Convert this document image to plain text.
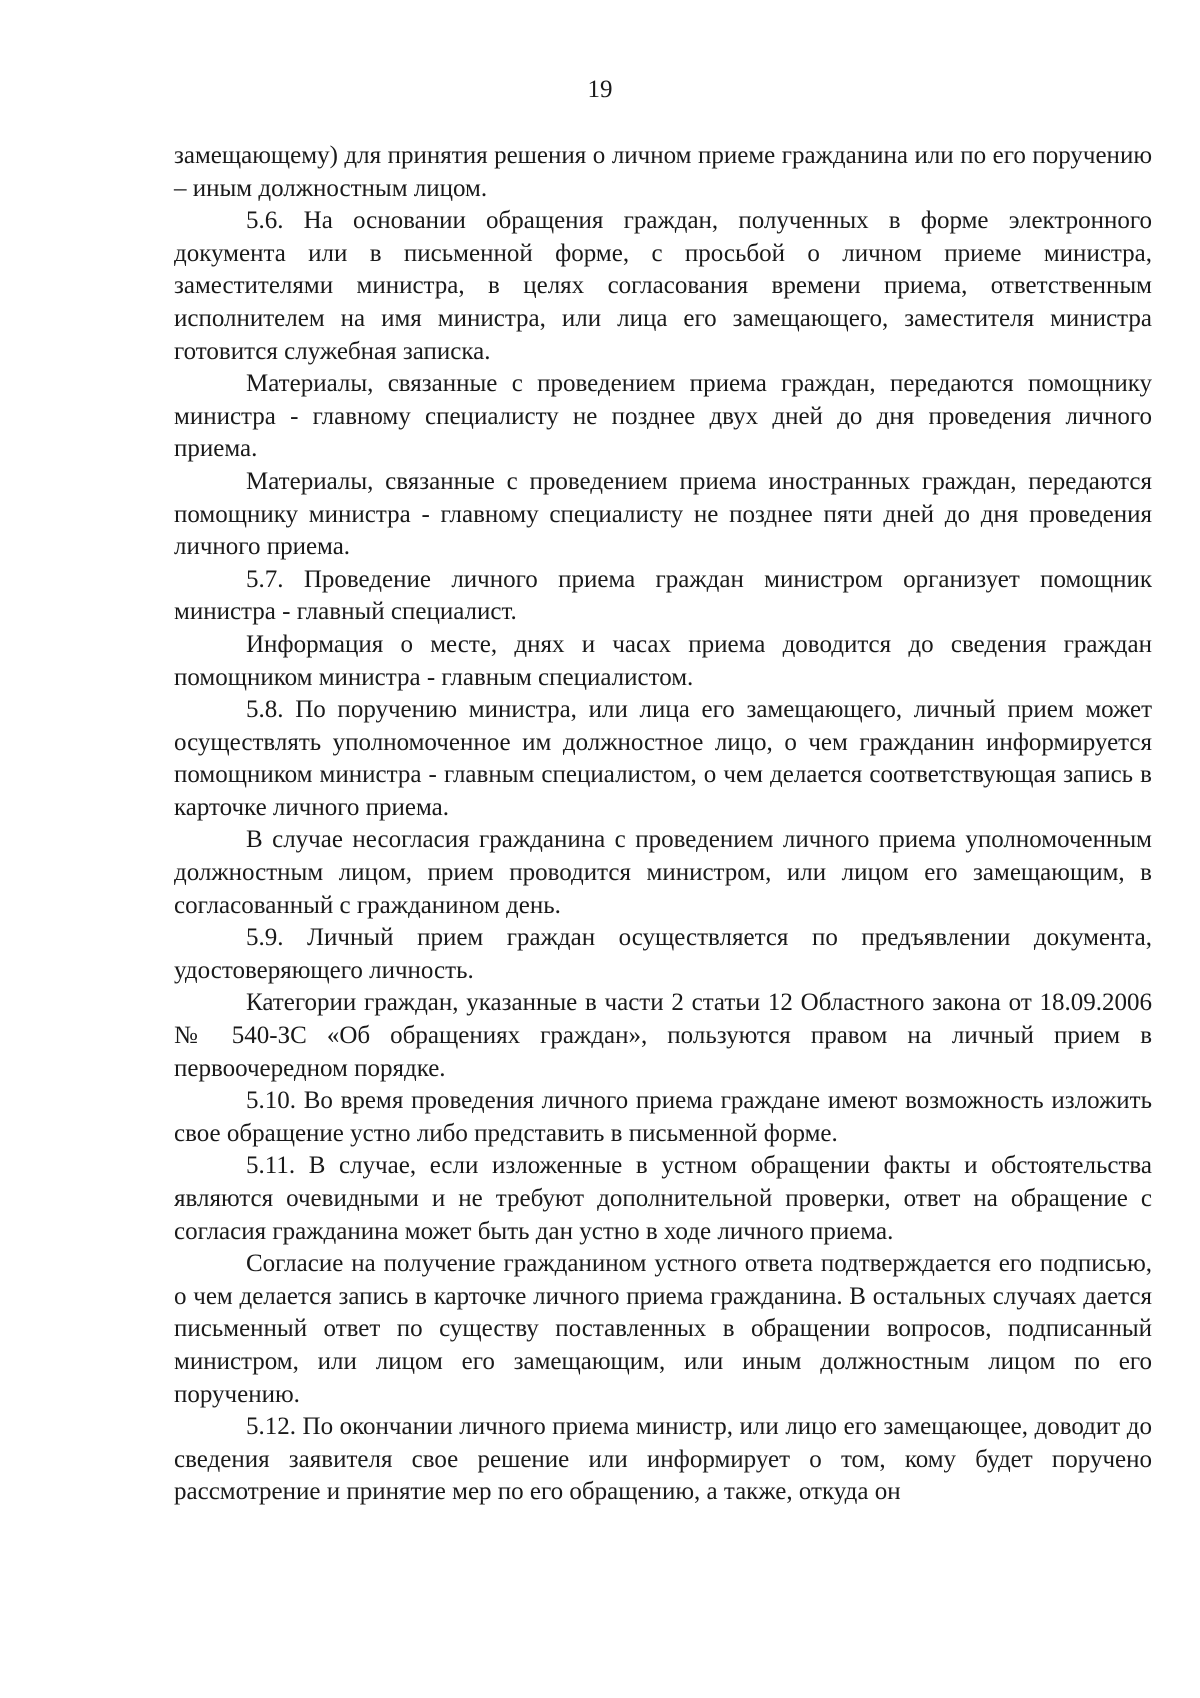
19

замещающему) для принятия решения о личном приеме гражданина или по его поручению – иным должностным лицом.

5.6. На основании обращения граждан, полученных в форме электронного документа или в письменной форме, с просьбой о личном приеме министра, заместителями министра, в целях согласования времени приема, ответственным исполнителем на имя министра, или лица его замещающего, заместителя министра готовится служебная записка.

Материалы, связанные с проведением приема граждан, передаются помощнику министра - главному специалисту не позднее двух дней до дня проведения личного приема.

Материалы, связанные с проведением приема иностранных граждан, передаются помощнику министра - главному специалисту не позднее пяти дней до дня проведения личного приема.

5.7. Проведение личного приема граждан министром организует помощник министра - главный специалист.

Информация о месте, днях и часах приема доводится до сведения граждан помощником министра - главным специалистом.

5.8. По поручению министра, или лица его замещающего, личный прием может осуществлять уполномоченное им должностное лицо, о чем гражданин информируется помощником министра - главным специалистом, о чем делается соответствующая запись в карточке личного приема.

В случае несогласия гражданина с проведением личного приема уполномоченным должностным лицом, прием проводится министром, или лицом его замещающим, в согласованный с гражданином день.

5.9. Личный прием граждан осуществляется по предъявлении документа, удостоверяющего личность.

Категории граждан, указанные в части 2 статьи 12 Областного закона от 18.09.2006 № 540-ЗС «Об обращениях граждан», пользуются правом на личный прием в первоочередном порядке.

5.10. Во время проведения личного приема граждане имеют возможность изложить свое обращение устно либо представить в письменной форме.

5.11. В случае, если изложенные в устном обращении факты и обстоятельства являются очевидными и не требуют дополнительной проверки, ответ на обращение с согласия гражданина может быть дан устно в ходе личного приема.

Согласие на получение гражданином устного ответа подтверждается его подписью, о чем делается запись в карточке личного приема гражданина. В остальных случаях дается письменный ответ по существу поставленных в обращении вопросов, подписанный министром, или лицом его замещающим, или иным должностным лицом по его поручению.

5.12. По окончании личного приема министр, или лицо его замещающее, доводит до сведения заявителя свое решение или информирует о том, кому будет поручено рассмотрение и принятие мер по его обращению, а также, откуда он
